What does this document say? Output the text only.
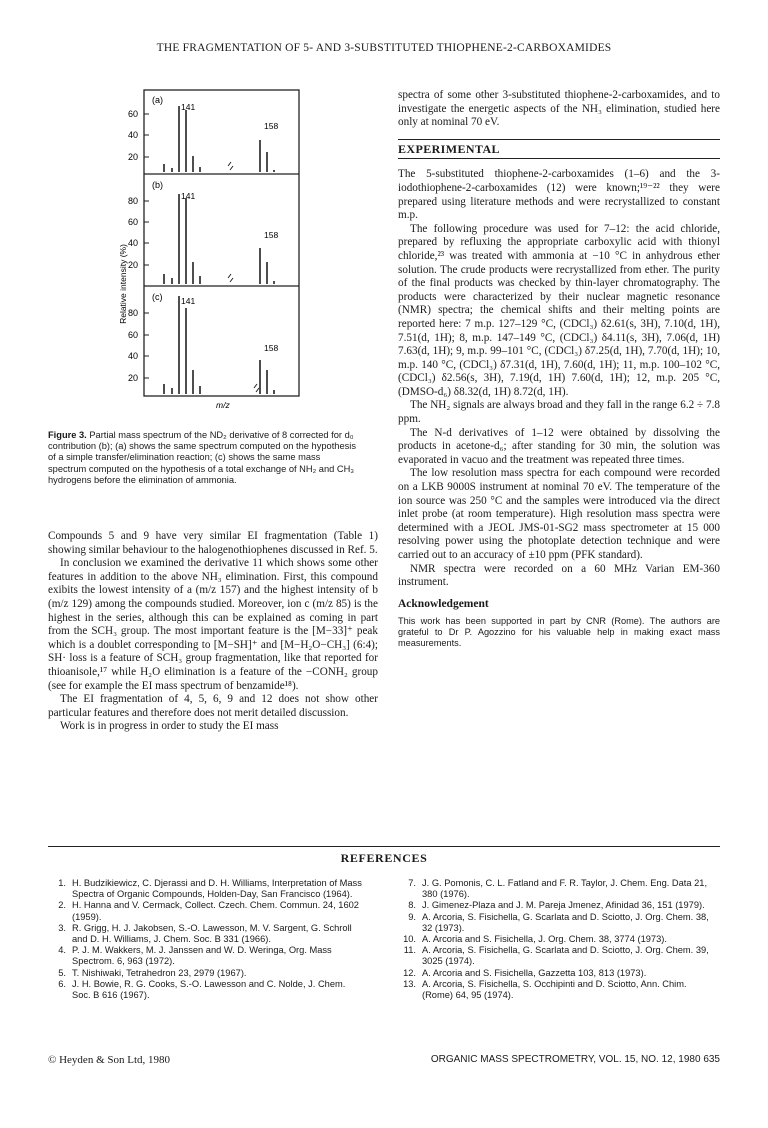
THE FRAGMENTATION OF 5- AND 3-SUBSTITUTED THIOPHENE-2-CARBOXAMIDES
(a)
(b)
(c)
60
40
20
80
60
40
20
80
60
40
20
Relative intensity (%)
141
158
141
158
141
158
m/z
Figure 3. Partial mass spectrum of the ND₂ derivative of 8 corrected for d₀ contribution (b); (a) shows the same spectrum computed on the hypothesis of a simple transfer/elimination reaction; (c) shows the same mass spectrum computed on the hypothesis of a total exchange of NH₂ and CH₃ hydrogens before the elimination of ammonia.

Compounds 5 and 9 have very similar EI fragmentation (Table 1) showing similar behaviour to the halogenothiophenes discussed in Ref. 5.

In conclusion we examined the derivative 11 which shows some other features in addition to the above NH₃ elimination. First, this compound exibits the lowest intensity of a (m/z 157) and the highest intensity of b (m/z 129) among the compounds studied. Moreover, ion c (m/z 85) is the highest in the series, although this can be explained as coming in part from the SCH₃ group. The most important feature is the [M−33]⁺ peak which is a doublet corresponding to [M−SH]⁺ and [M−H₂O−CH₃] (6:4); SH· loss is a feature of SCH₃ group fragmentation, like that reported for thioanisole,¹⁷ while H₂O elimination is a feature of the −CONH₂ group (see for example the EI mass spectrum of benzamide¹⁸).

The EI fragmentation of 4, 5, 6, 9 and 12 does not show other particular features and therefore does not merit detailed discussion.

Work is in progress in order to study the EI mass

spectra of some other 3-substituted thiophene-2-carboxamides, and to investigate the energetic aspects of the NH₃ elimination, studied here only at nominal 70 eV.

EXPERIMENTAL

The 5-substituted thiophene-2-carboxamides (1–6) and the 3-iodothiophene-2-carboxamides (12) were known;¹⁹⁻²² they were prepared using literature methods and were recrystallized to constant m.p.

The following procedure was used for 7–12: the acid chloride, prepared by refluxing the appropriate carboxylic acid with thionyl chloride,²³ was treated with ammonia at −10 °C in anhydrous ether solution. The crude products were recrystallized from ether. The purity of the final products was checked by thin-layer chromatography. The products were characterized by their nuclear magnetic resonance (NMR) spectra; the chemical shifts and their melting points are reported here: 7 m.p. 127–129 °C, (CDCl₃) δ2.61(s, 3H), 7.10(d, 1H), 7.51(d, 1H); 8, m.p. 147–149 °C, (CDCl₃) δ4.11(s, 3H), 7.06(d, 1H) 7.63(d, 1H); 9, m.p. 99–101 °C, (CDCl₃) δ7.25(d, 1H), 7.70(d, 1H); 10, m.p. 140 °C, (CDCl₃) δ7.31(d, 1H), 7.60(d, 1H); 11, m.p. 100–102 °C, (CDCl₃) δ2.56(s, 3H), 7.19(d, 1H) 7.60(d, 1H); 12, m.p. 205 °C, (DMSO-d₆) δ8.32(d, 1H) 8.72(d, 1H).

The NH₂ signals are always broad and they fall in the range 6.2 ÷ 7.8 ppm.

The N-d derivatives of 1–12 were obtained by dissolving the products in acetone-d₆; after standing for 30 min, the solution was evaporated in vacuo and the treatment was repeated three times.

The low resolution mass spectra for each compound were recorded on a LKB 9000S instrument at nominal 70 eV. The temperature of the ion source was 250 °C and the samples were introduced via the direct inlet probe (at room temperature). High resolution mass spectra were determined with a JEOL JMS-01-SG2 mass spectrometer at 15 000 resolving power using the photoplate detection technique and were carried out to an accuracy of ±10 ppm (PFK standard).

NMR spectra were recorded on a 60 MHz Varian EM-360 instrument.

Acknowledgement
This work has been supported in part by CNR (Rome). The authors are grateful to Dr P. Agozzino for his valuable help in making exact mass measurements.
REFERENCES
1. H. Budzikiewicz, C. Djerassi and D. H. Williams, Interpretation of Mass Spectra of Organic Compounds, Holden-Day, San Francisco (1964).
2. H. Hanna and V. Cermack, Collect. Czech. Chem. Commun. 24, 1602 (1959).
3. R. Grigg, H. J. Jakobsen, S.-O. Lawesson, M. V. Sargent, G. Schroll and D. H. Williams, J. Chem. Soc. B 331 (1966).
4. P. J. M. Wakkers, M. J. Janssen and W. D. Weringa, Org. Mass Spectrom. 6, 963 (1972).
5. T. Nishiwaki, Tetrahedron 23, 2979 (1967).
6. J. H. Bowie, R. G. Cooks, S.-O. Lawesson and C. Nolde, J. Chem. Soc. B 616 (1967).
7. J. G. Pomonis, C. L. Fatland and F. R. Taylor, J. Chem. Eng. Data 21, 380 (1976).
8. J. Gimenez-Plaza and J. M. Pareja Jmenez, Afinidad 36, 151 (1979).
9. A. Arcoria, S. Fisichella, G. Scarlata and D. Sciotto, J. Org. Chem. 38, 32 (1973).
10. A. Arcoria and S. Fisichella, J. Org. Chem. 38, 3774 (1973).
11. A. Arcoria, S. Fisichella, G. Scarlata and D. Sciotto, J. Org. Chem. 39, 3025 (1974).
12. A. Arcoria and S. Fisichella, Gazzetta 103, 813 (1973).
13. A. Arcoria, S. Fisichella, S. Occhipinti and D. Sciotto, Ann. Chim. (Rome) 64, 95 (1974).
© Heyden & Son Ltd, 1980	ORGANIC MASS SPECTROMETRY, VOL. 15, NO. 12, 1980 635
